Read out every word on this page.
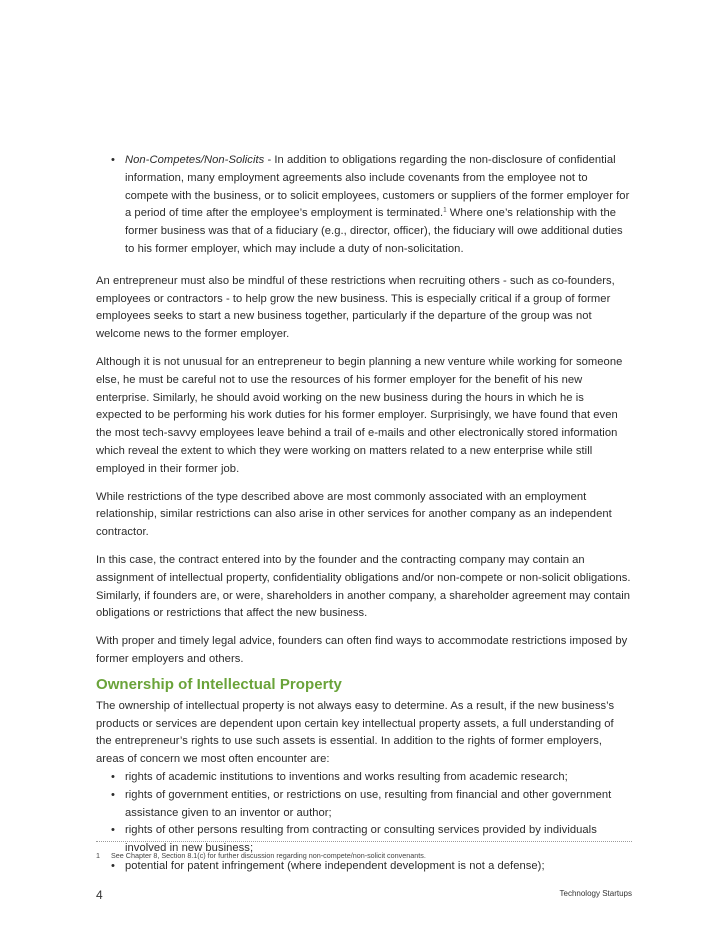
• Non-Competes/Non-Solicits - In addition to obligations regarding the non-disclosure of confidential information, many employment agreements also include covenants from the employee not to compete with the business, or to solicit employees, customers or suppliers of the former employer for a period of time after the employee’s employment is terminated.$^1$ Where one’s relationship with the former business was that of a fiduciary (e.g., director, officer), the fiduciary will owe additional duties to his former employer, which may include a duty of non-solicitation.

An entrepreneur must also be mindful of these restrictions when recruiting others - such as co-founders, employees or contractors - to help grow the new business. This is especially critical if a group of former employees seeks to start a new business together, particularly if the departure of the group was not welcome news to the former employer.

Although it is not unusual for an entrepreneur to begin planning a new venture while working for someone else, he must be careful not to use the resources of his former employer for the benefit of his new enterprise. Similarly, he should avoid working on the new business during the hours in which he is expected to be performing his work duties for his former employer. Surprisingly, we have found that even the most tech-savvy employees leave behind a trail of e-mails and other electronically stored information which reveal the extent to which they were working on matters related to a new enterprise while still employed in their former job.

While restrictions of the type described above are most commonly associated with an employment relationship, similar restrictions can also arise in other services for another company as an independent contractor.

In this case, the contract entered into by the founder and the contracting company may contain an assignment of intellectual property, confidentiality obligations and/or non-compete or non-solicit obligations. Similarly, if founders are, or were, shareholders in another company, a shareholder agreement may contain obligations or restrictions that affect the new business.

With proper and timely legal advice, founders can often find ways to accommodate restrictions imposed by former employers and others.

Ownership of Intellectual Property

The ownership of intellectual property is not always easy to determine. As a result, if the new business’s products or services are dependent upon certain key intellectual property assets, a full understanding of the entrepreneur’s rights to use such assets is essential. In addition to the rights of former employers, areas of concern we most often encounter are:

• rights of academic institutions to inventions and works resulting from academic research;
• rights of government entities, or restrictions on use, resulting from financial and other government assistance given to an inventor or author;
• rights of other persons resulting from contracting or consulting services provided by individuals involved in new business;
• potential for patent infringement (where independent development is not a defense);
1 See Chapter 8, Section 8.1(c) for further discussion regarding non-compete/non-solicit convenants.
4	Technology Startups
